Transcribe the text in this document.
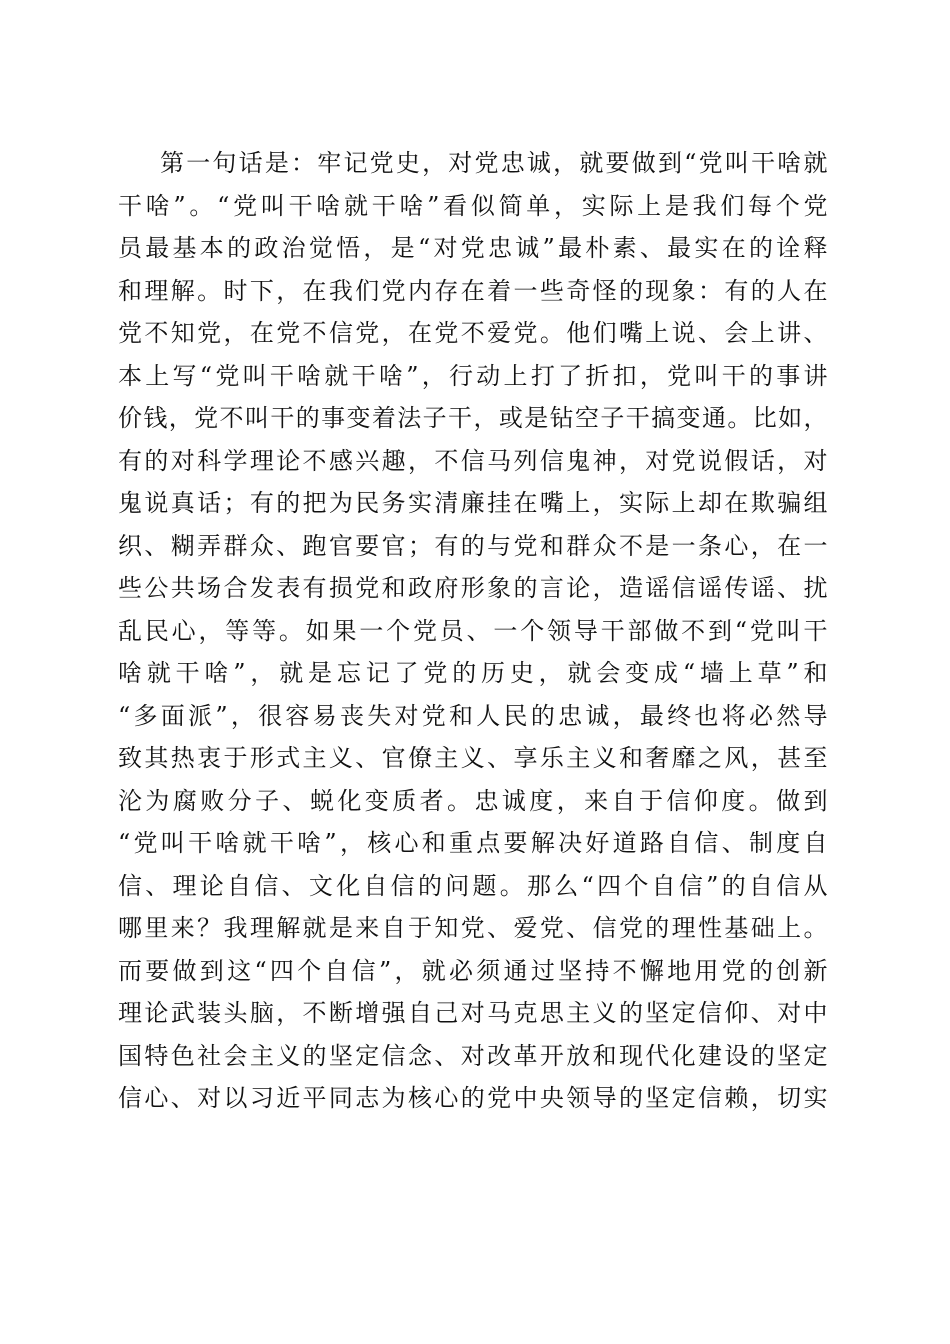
第一句话是：牢记党史，对党忠诚，就要做到“党叫干啥就
干啥”。“党叫干啥就干啥”看似简单，实际上是我们每个党
员最基本的政治觉悟，是“对党忠诚”最朴素、最实在的诠释
和理解。时下，在我们党内存在着一些奇怪的现象：有的人在
党不知党，在党不信党，在党不爱党。他们嘴上说、会上讲、
本上写“党叫干啥就干啥”，行动上打了折扣，党叫干的事讲
价钱，党不叫干的事变着法子干，或是钻空子干搞变通。比如，
有的对科学理论不感兴趣，不信马列信鬼神，对党说假话，对
鬼说真话；有的把为民务实清廉挂在嘴上，实际上却在欺骗组
织、糊弄群众、跑官要官；有的与党和群众不是一条心，在一
些公共场合发表有损党和政府形象的言论，造谣信谣传谣、扰
乱民心，等等。如果一个党员、一个领导干部做不到“党叫干
啥就干啥”，就是忘记了党的历史，就会变成“墙上草”和
“多面派”，很容易丧失对党和人民的忠诚，最终也将必然导
致其热衷于形式主义、官僚主义、享乐主义和奢靡之风，甚至
沦为腐败分子、蜕化变质者。忠诚度，来自于信仰度。做到
“党叫干啥就干啥”，核心和重点要解决好道路自信、制度自
信、理论自信、文化自信的问题。那么“四个自信”的自信从
哪里来？我理解就是来自于知党、爱党、信党的理性基础上。
而要做到这“四个自信”，就必须通过坚持不懈地用党的创新
理论武装头脑，不断增强自己对马克思主义的坚定信仰、对中
国特色社会主义的坚定信念、对改革开放和现代化建设的坚定
信心、对以习近平同志为核心的党中央领导的坚定信赖，切实
